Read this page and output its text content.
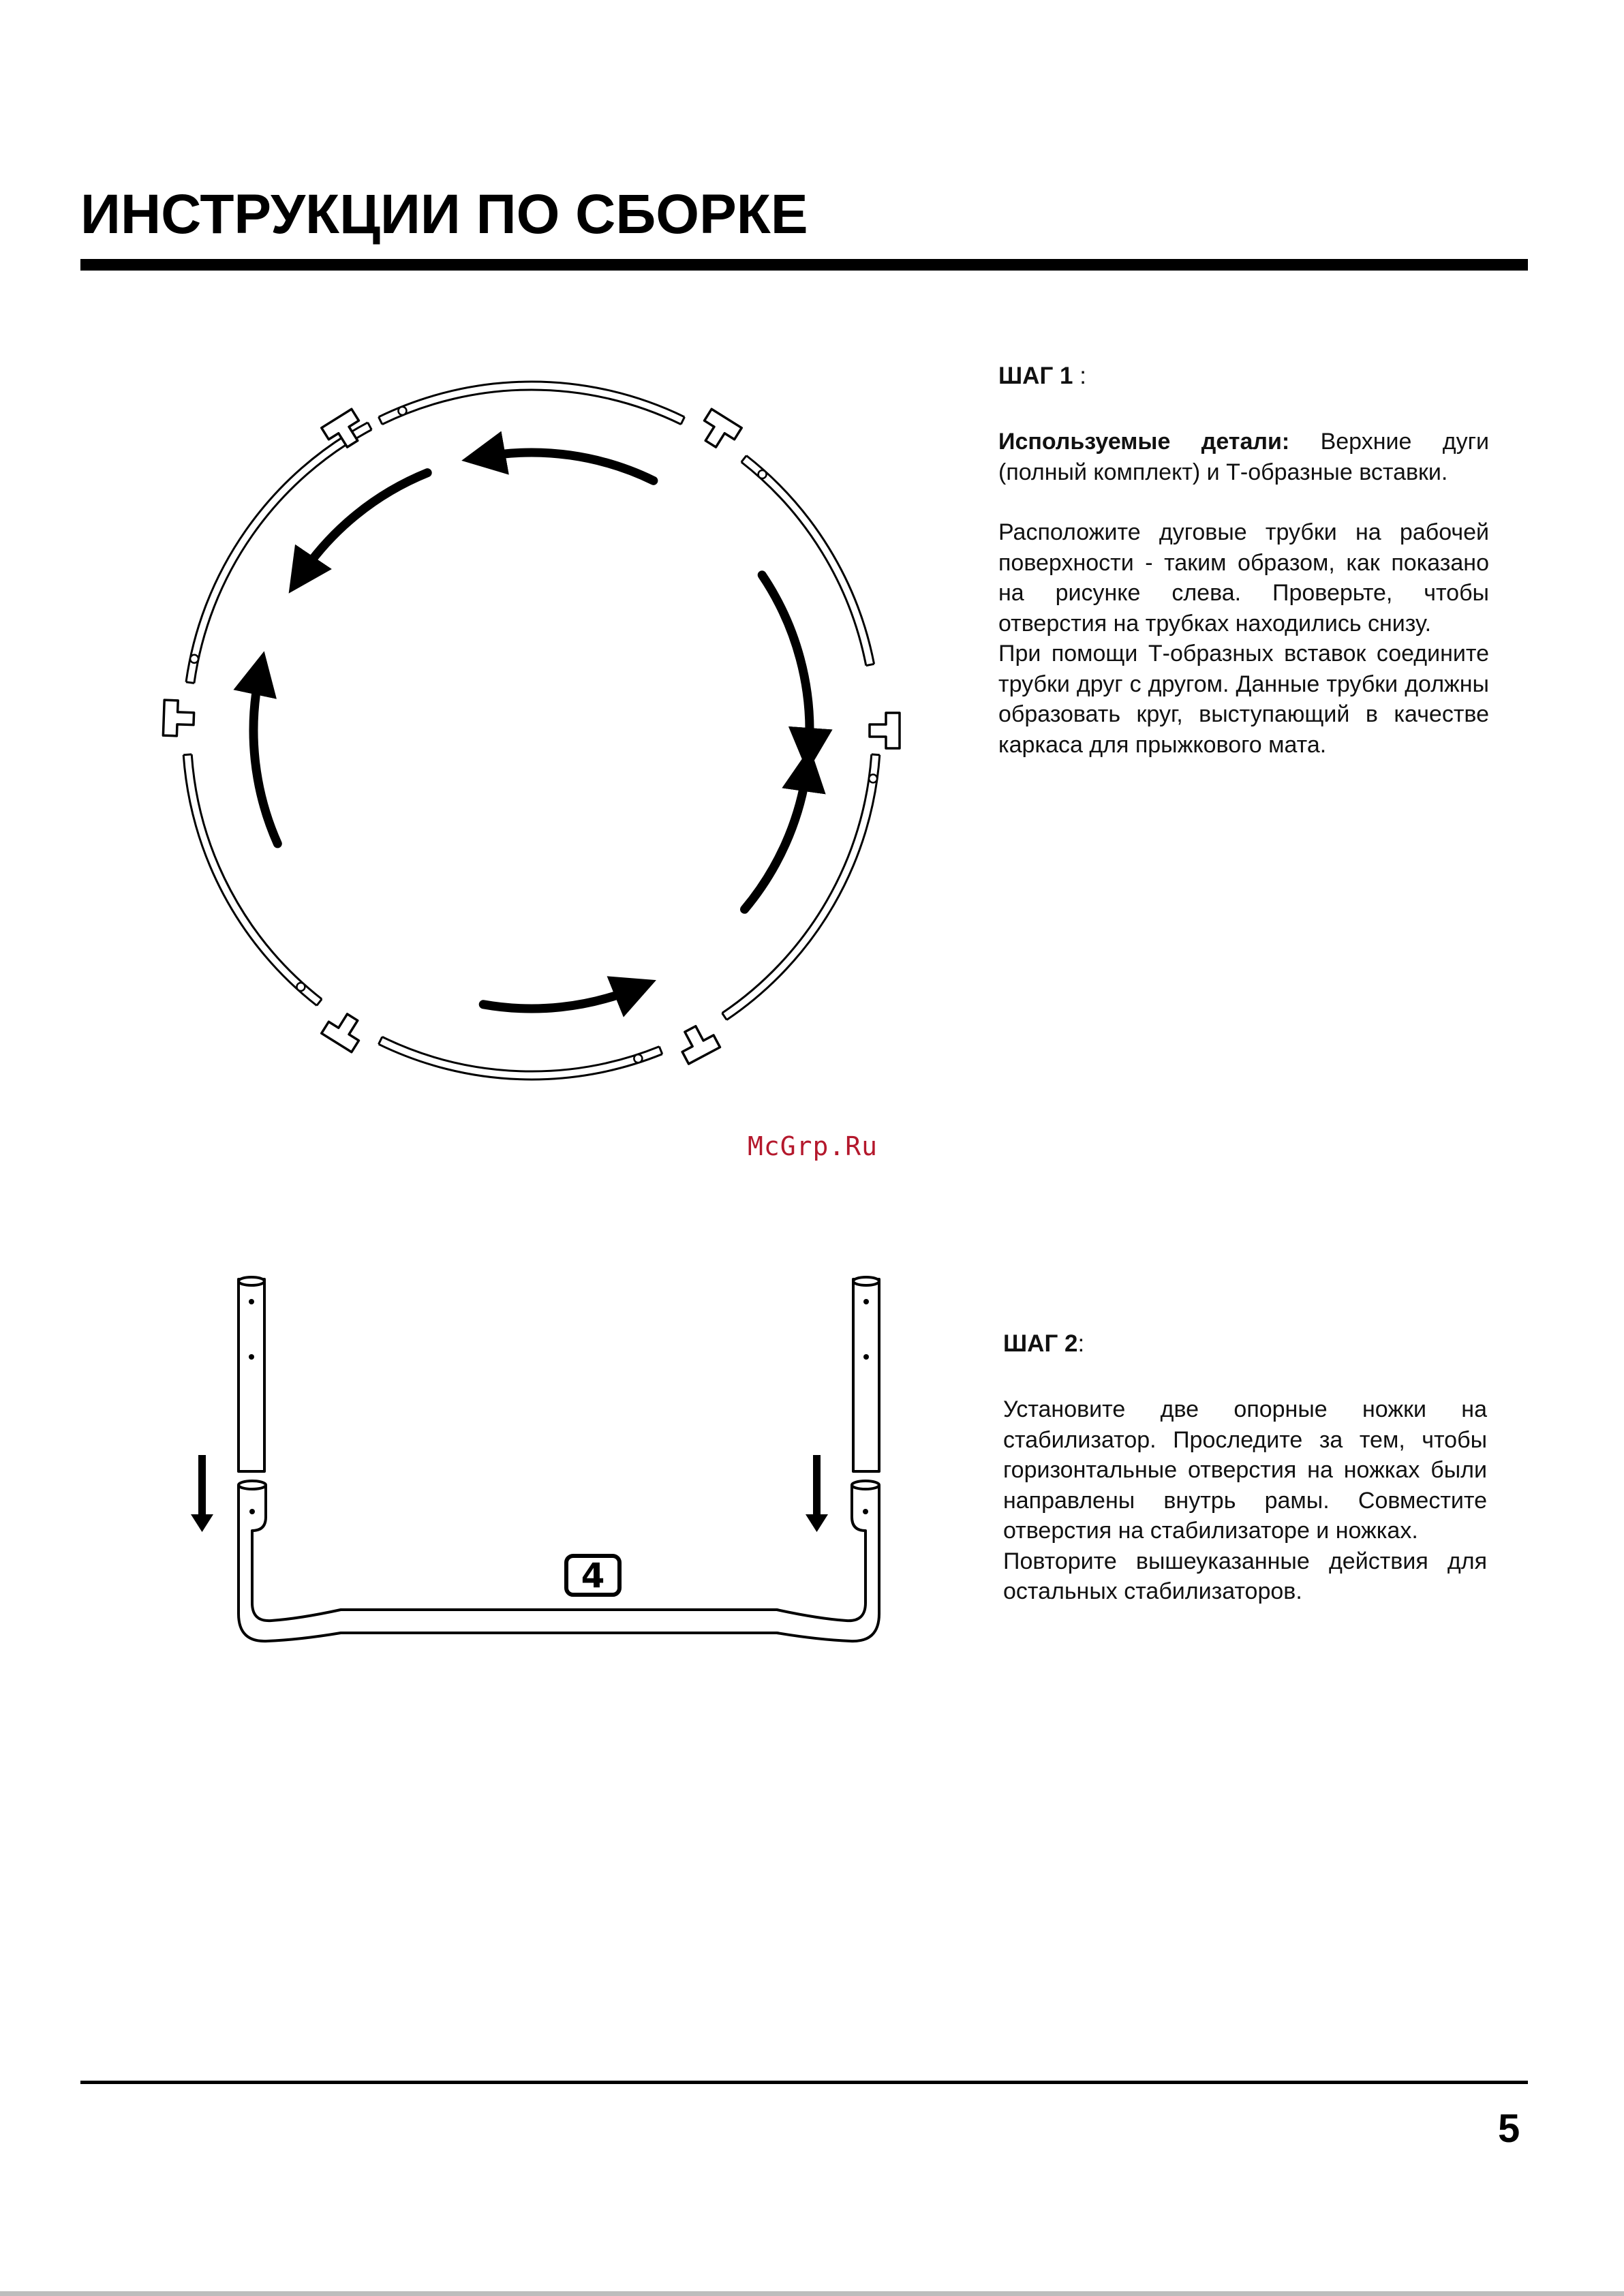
ИНСТРУКЦИИ ПО СБОРКЕ
ШАГ 1 :

Используемые детали: Верхние дуги (полный комплект) и Т-образные вставки.

Расположите дуговые трубки на рабочей поверхности - таким образом, как показано на рисунке слева. Проверьте, чтобы отверстия на трубках находились снизу.

При помощи Т-образных вставок соедините трубки друг с другом. Данные трубки должны образовать круг, выступающий в качестве каркаса для прыжкового мата.

McGrp.Ru
4
ШАГ 2:

Установите две опорные ножки на стабилизатор. Проследите за тем, чтобы горизонтальные отверстия на ножках были направлены внутрь рамы. Совместите отверстия на стабилизаторе и ножках.

Повторите вышеуказанные действия для остальных стабилизаторов.

5
